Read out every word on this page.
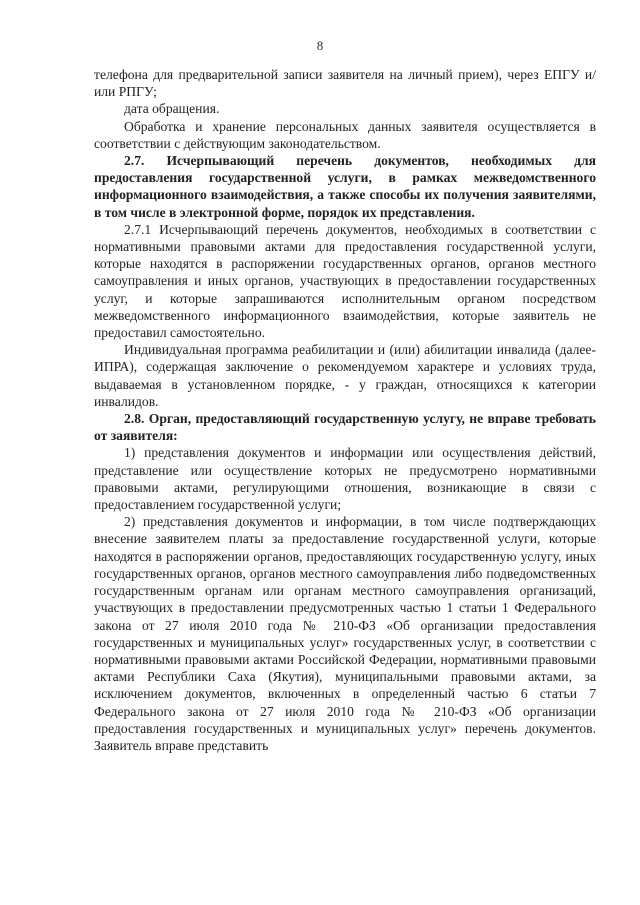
8

телефона для предварительной записи заявителя на личный прием), через ЕПГУ и/или РПГУ;

дата обращения.

Обработка и хранение персональных данных заявителя осуществляется в соответствии с действующим законодательством.

2.7. Исчерпывающий перечень документов, необходимых для предоставления государственной услуги, в рамках межведомственного информационного взаимодействия, а также способы их получения заявителями, в том числе в электронной форме, порядок их представления.

2.7.1 Исчерпывающий перечень документов, необходимых в соответствии с нормативными правовыми актами для предоставления государственной услуги, которые находятся в распоряжении государственных органов, органов местного самоуправления и иных органов, участвующих в предоставлении государственных услуг, и которые запрашиваются исполнительным органом посредством межведомственного информационного взаимодействия, которые заявитель не предоставил самостоятельно.

Индивидуальная программа реабилитации и (или) абилитации инвалида (далее-ИПРА), содержащая заключение о рекомендуемом характере и условиях труда, выдаваемая в установленном порядке, - у граждан, относящихся к категории инвалидов.

2.8. Орган, предоставляющий государственную услугу, не вправе требовать от заявителя:

1) представления документов и информации или осуществления действий, представление или осуществление которых не предусмотрено нормативными правовыми актами, регулирующими отношения, возникающие в связи с предоставлением государственной услуги;

2) представления документов и информации, в том числе подтверждающих внесение заявителем платы за предоставление государственной услуги, которые находятся в распоряжении органов, предоставляющих государственную услугу, иных государственных органов, органов местного самоуправления либо подведомственных государственным органам или органам местного самоуправления организаций, участвующих в предоставлении предусмотренных частью 1 статьи 1 Федерального закона от 27 июля 2010 года № 210-ФЗ «Об организации предоставления государственных и муниципальных услуг» государственных услуг, в соответствии с нормативными правовыми актами Российской Федерации, нормативными правовыми актами Республики Саха (Якутия), муниципальными правовыми актами, за исключением документов, включенных в определенный частью 6 статьи 7 Федерального закона от 27 июля 2010 года № 210-ФЗ «Об организации предоставления государственных и муниципальных услуг» перечень документов. Заявитель вправе представить
